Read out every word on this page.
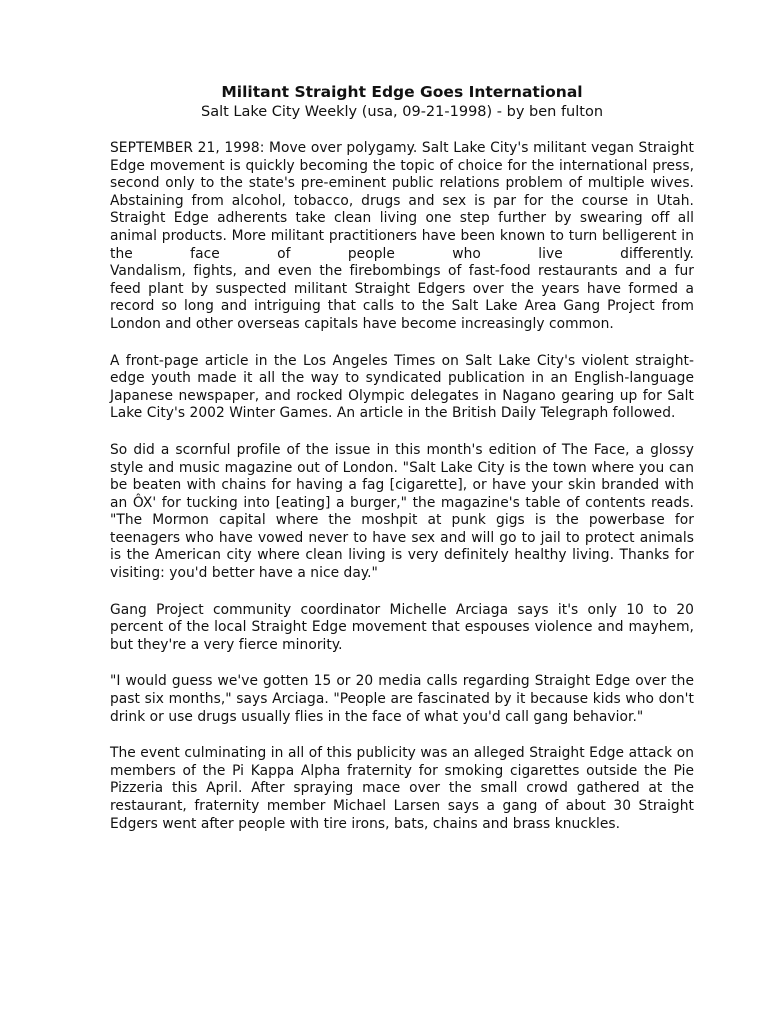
Militant Straight Edge Goes International
Salt Lake City Weekly (usa, 09-21-1998) - by ben fulton

SEPTEMBER 21, 1998: Move over polygamy. Salt Lake City's militant vegan Straight Edge movement is quickly becoming the topic of choice for the international press, second only to the state's pre-eminent public relations problem of multiple wives. Abstaining from alcohol, tobacco, drugs and sex is par for the course in Utah. Straight Edge adherents take clean living one step further by swearing off all animal products. More militant practitioners have been known to turn belligerent in the face of people who live differently.
Vandalism, fights, and even the firebombings of fast-food restaurants and a fur feed plant by suspected militant Straight Edgers over the years have formed a record so long and intriguing that calls to the Salt Lake Area Gang Project from London and other overseas capitals have become increasingly common.

A front-page article in the Los Angeles Times on Salt Lake City's violent straight-edge youth made it all the way to syndicated publication in an English-language Japanese newspaper, and rocked Olympic delegates in Nagano gearing up for Salt Lake City's 2002 Winter Games. An article in the British Daily Telegraph followed.

So did a scornful profile of the issue in this month's edition of The Face, a glossy style and music magazine out of London. "Salt Lake City is the town where you can be beaten with chains for having a fag [cigarette], or have your skin branded with an ÔX' for tucking into [eating] a burger," the magazine's table of contents reads. "The Mormon capital where the moshpit at punk gigs is the powerbase for teenagers who have vowed never to have sex and will go to jail to protect animals is the American city where clean living is very definitely healthy living. Thanks for visiting: you'd better have a nice day."

Gang Project community coordinator Michelle Arciaga says it's only 10 to 20 percent of the local Straight Edge movement that espouses violence and mayhem, but they're a very fierce minority.

"I would guess we've gotten 15 or 20 media calls regarding Straight Edge over the past six months," says Arciaga. "People are fascinated by it because kids who don't drink or use drugs usually flies in the face of what you'd call gang behavior."

The event culminating in all of this publicity was an alleged Straight Edge attack on members of the Pi Kappa Alpha fraternity for smoking cigarettes outside the Pie Pizzeria this April. After spraying mace over the small crowd gathered at the restaurant, fraternity member Michael Larsen says a gang of about 30 Straight Edgers went after people with tire irons, bats, chains and brass knuckles.
